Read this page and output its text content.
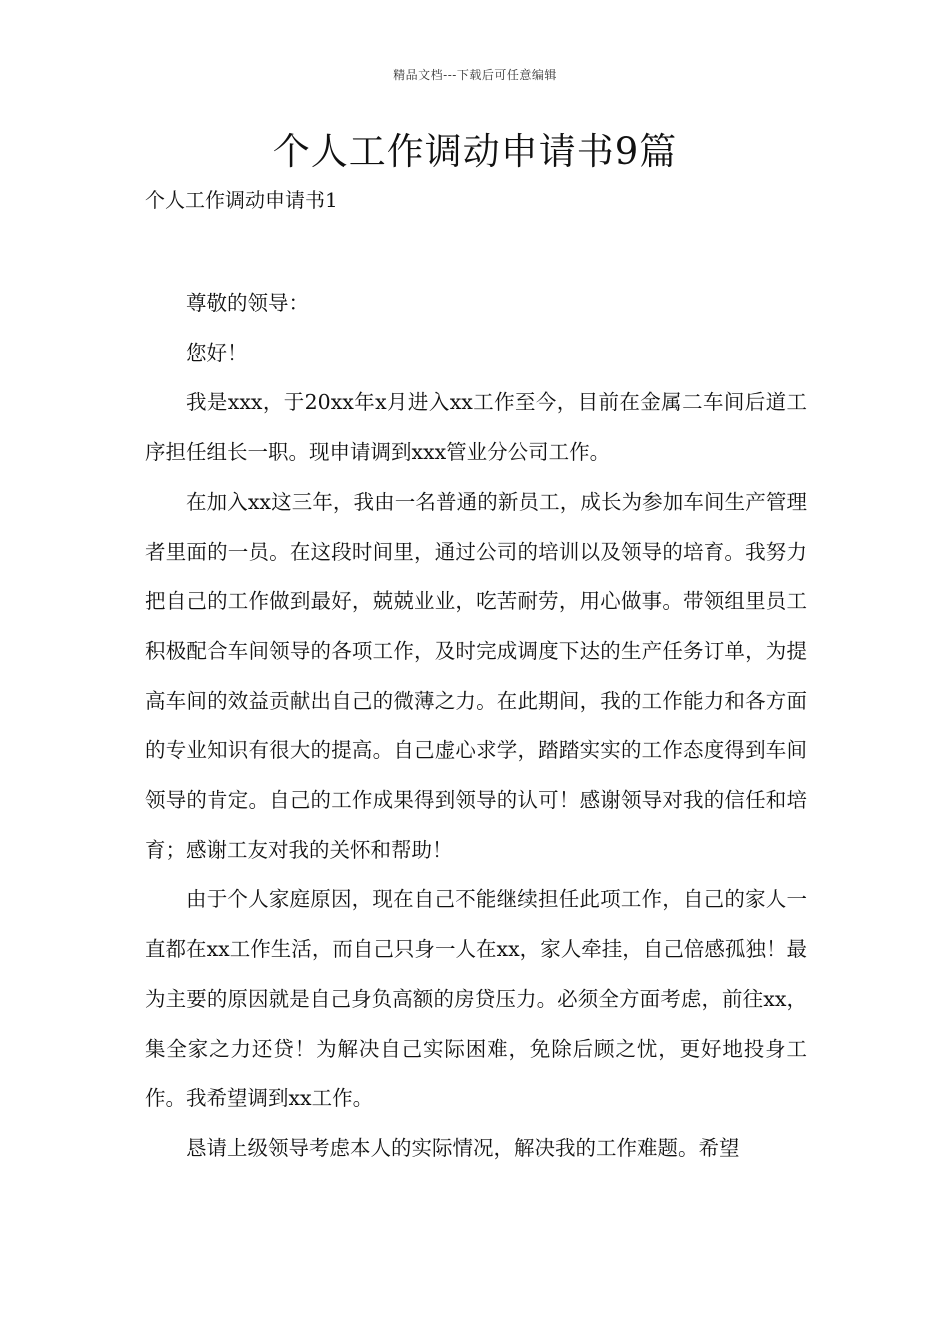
精品文档---下载后可任意编辑
个人工作调动申请书9篇
个人工作调动申请书1

尊敬的领导：

您好！

我是xxx，于20xx年x月进入xx工作至今，目前在金属二车间后道工序担任组长一职。现申请调到xxx管业分公司工作。

在加入xx这三年，我由一名普通的新员工，成长为参加车间生产管理者里面的一员。在这段时间里，通过公司的培训以及领导的培育。我努力把自己的工作做到最好，兢兢业业，吃苦耐劳，用心做事。带领组里员工积极配合车间领导的各项工作，及时完成调度下达的生产任务订单，为提高车间的效益贡献出自己的微薄之力。在此期间，我的工作能力和各方面的专业知识有很大的提高。自己虚心求学，踏踏实实的工作态度得到车间领导的肯定。自己的工作成果得到领导的认可！感谢领导对我的信任和培育；感谢工友对我的关怀和帮助！

由于个人家庭原因，现在自己不能继续担任此项工作，自己的家人一直都在xx工作生活，而自己只身一人在xx，家人牵挂，自己倍感孤独！最为主要的原因就是自己身负高额的房贷压力。必须全方面考虑，前往xx，集全家之力还贷！为解决自己实际困难，免除后顾之忧，更好地投身工作。我希望调到xx工作。

恳请上级领导考虑本人的实际情况，解决我的工作难题。希望
